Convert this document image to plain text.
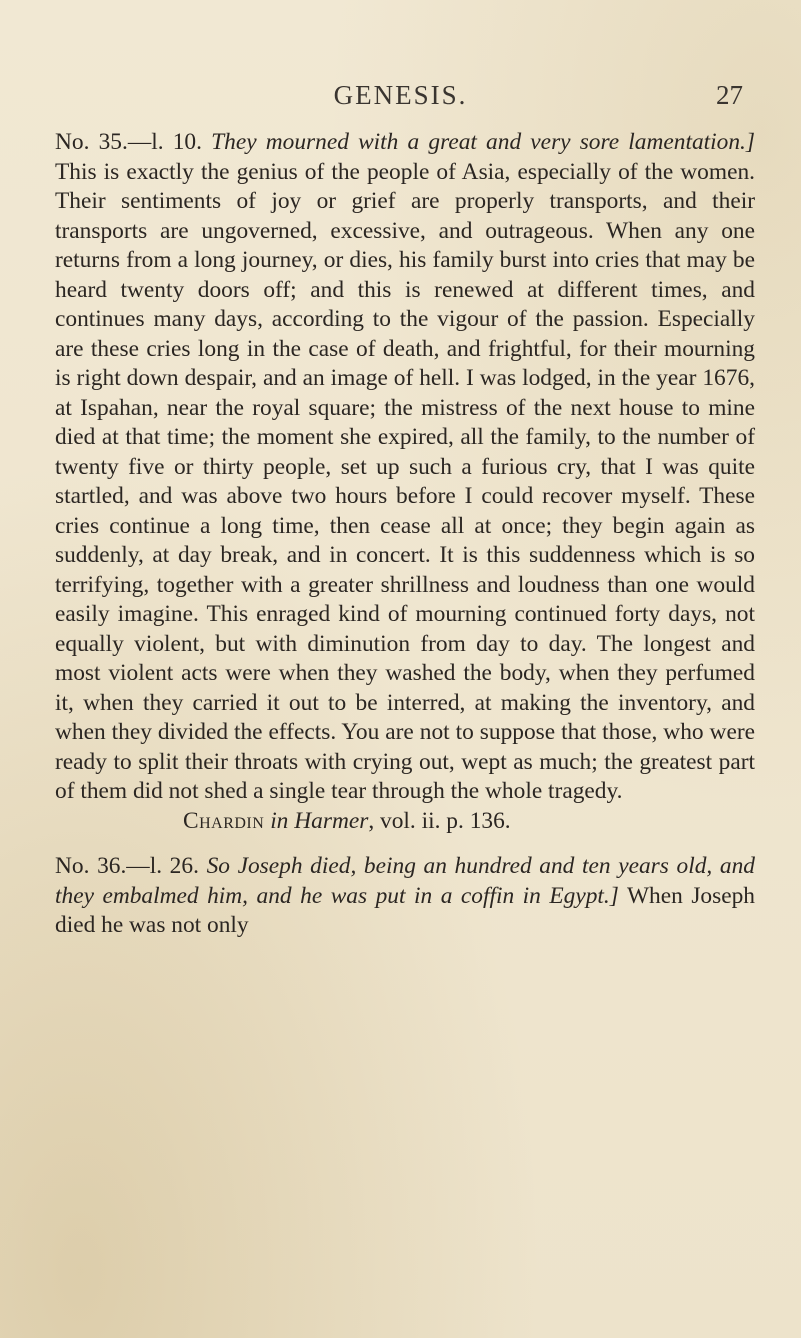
GENESIS.	27

No. 35.—l. 10. They mourned with a great and very sore lamentation.] This is exactly the genius of the people of Asia, especially of the women. Their sentiments of joy or grief are properly transports, and their transports are ungoverned, excessive, and outrageous. When any one returns from a long journey, or dies, his family burst into cries that may be heard twenty doors off; and this is renewed at different times, and continues many days, according to the vigour of the passion. Especially are these cries long in the case of death, and frightful, for their mourning is right down despair, and an image of hell. I was lodged, in the year 1676, at Ispahan, near the royal square; the mistress of the next house to mine died at that time; the moment she expired, all the family, to the number of twenty five or thirty people, set up such a furious cry, that I was quite startled, and was above two hours before I could recover myself. These cries continue a long time, then cease all at once; they begin again as suddenly, at day break, and in concert. It is this suddenness which is so terrifying, together with a greater shrillness and loudness than one would easily imagine. This enraged kind of mourning continued forty days, not equally violent, but with diminution from day to day. The longest and most violent acts were when they washed the body, when they perfumed it, when they carried it out to be interred, at making the inventory, and when they divided the effects. You are not to suppose that those, who were ready to split their throats with crying out, wept as much; the greatest part of them did not shed a single tear through the whole tragedy.

Chardin in Harmer, vol. ii. p. 136.

No. 36.—l. 26. So Joseph died, being an hundred and ten years old, and they embalmed him, and he was put in a coffin in Egypt.] When Joseph died he was not only
